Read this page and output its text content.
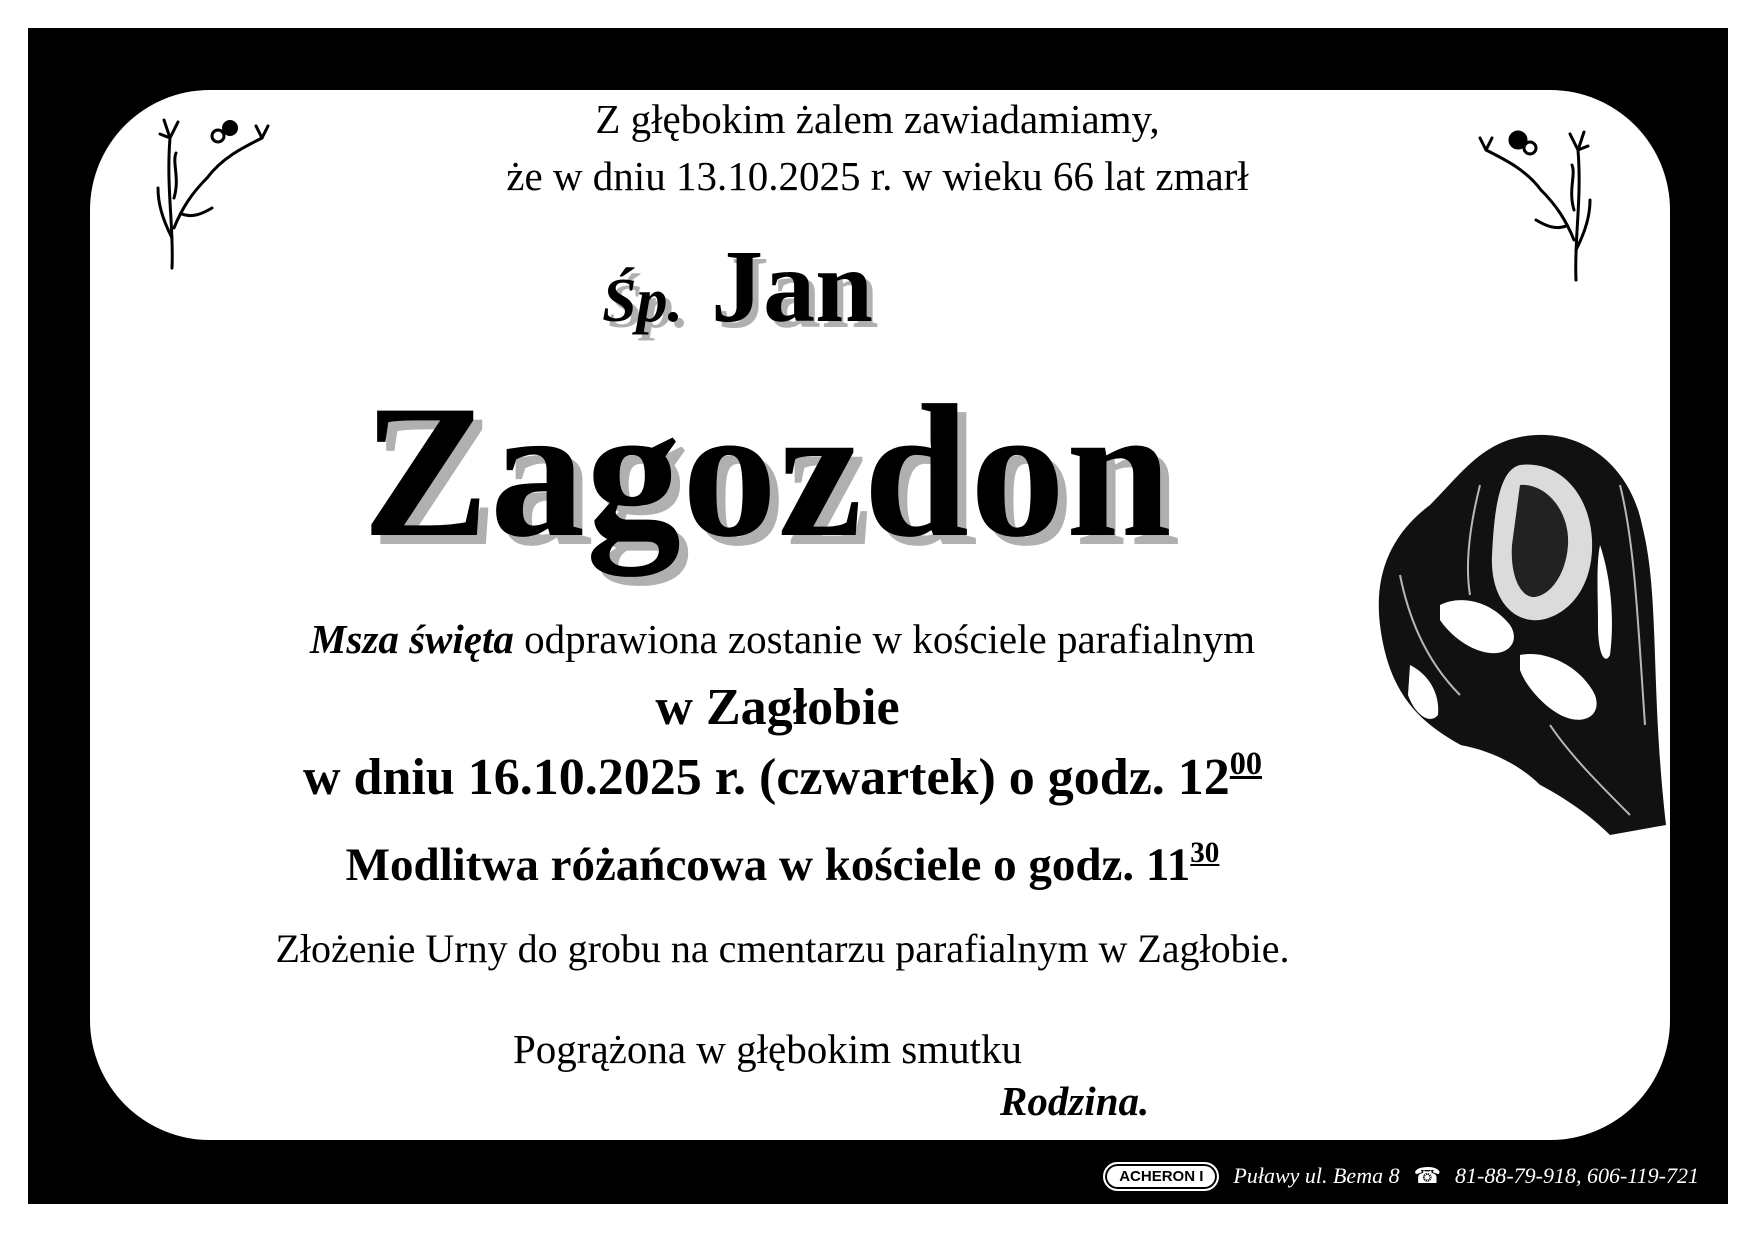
Z głębokim żalem zawiadamiamy,
że w dniu 13.10.2025 r. w wieku 66 lat zmarł
Śp. Jan
Zagozdon
Msza święta odprawiona zostanie w kościele parafialnym
w Zagłobie
w dniu 16.10.2025 r. (czwartek) o godz. $12^{00}$
Modlitwa różańcowa w kościele o godz. $11^{30}$
Złożenie Urny do grobu na cmentarzu parafialnym w Zagłobie.
Pogrążona w głębokim smutku
Rodzina.
ACHERON I	Puławy ul. Bema 8 ☎ 81-88-79-918, 606-119-721
